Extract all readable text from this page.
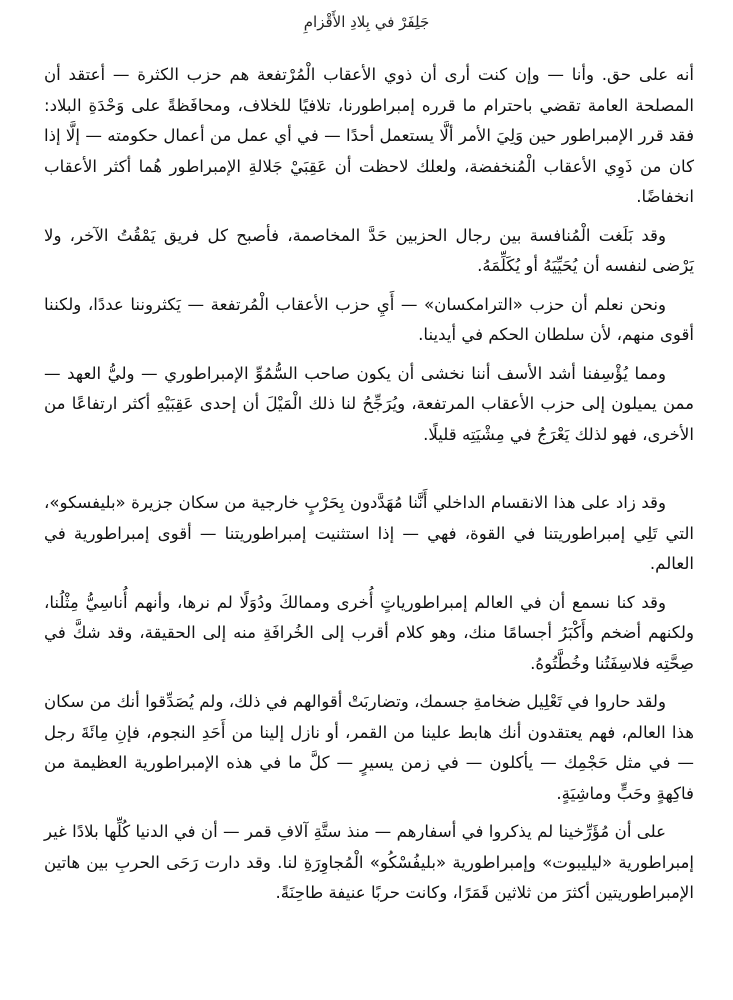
جَلِفَرْ في بِلادِ الأَقْزامِ

أنه على حق. وأنا — وإن كنت أرى أن ذوي الأعقاب الْمُرْتفعة هم حزب الكثرة — أعتقد أن المصلحة العامة تقضي باحترام ما قرره إمبراطورنا، تلافيًا للخلاف، ومحافَظةً على وَحْدَةِ البلاد: فقد قرر الإمبراطور حين وَلِيَ الأمر ألَّا يستعمل أحدًا — في أي عمل من أعمال حكومته — إلَّا إذا كان من ذَوِي الأعقاب الْمُنخفضة، ولعلك لاحظت أن عَقِبَيْ جَلالةِ الإمبراطور هُما أكثر الأعقاب انخفاضًا.

وقد بَلَغت الْمُنافسة بين رجال الحزبين حَدَّ المخاصمة، فأصبح كل فريق يَمْقُتُ الآخر، ولا يَرْضى لنفسه أن يُحَيِّيَهُ أو يُكَلِّمَهُ.

ونحن نعلم أن حزب «الترامكسان» — أَيِ حزب الأعقاب الْمُرتفعة — يَكثروننا عددًا، ولكننا أقوى منهم، لأن سلطان الحكم في أيدينا.

ومما يُؤْسِفنا أشد الأسف أننا نخشى أن يكون صاحب السُّمُوِّ الإمبراطوري — وليُّ العهد — ممن يميلون إلى حزب الأعقاب المرتفعة، ويُرَجِّحُ لنا ذلك الْمَيْلَ أن إحدى عَقِبَيْهِ أكثر ارتفاعًا من الأخرى، فهو لذلك يَعْرَجُ في مِشْيَتِه قليلًا.

وقد زاد على هذا الانقسام الداخلي أَنَّنا مُهَدَّدون بِحَرْبٍ خارجية من سكان جزيرة «بليفسكو»، التي تَلِي إمبراطوريتنا في القوة، فهي — إذا استثنيت إمبراطوريتنا — أقوى إمبراطورية في العالم.

وقد كنا نسمع أن في العالم إمبراطورياتٍ أُخرى وممالكَ ودُوَلًا لم نرها، وأنهم أُناسِيُّ مِثْلُنا، ولكنهم أضخم وأَكْبَرُ أجسامًا منك، وهو كلام أقرب إلى الخُرافَةِ منه إلى الحقيقة، وقد شكَّ في صِحَّتِه فلاسِفَتُنا وخُطَّتُوهُ.

ولقد حاروا في تَعْلِيل ضخامةِ جسمك، وتضاربَتْ أقوالهم في ذلك، ولم يُصَدِّقوا أنك من سكان هذا العالم، فهم يعتقدون أنك هابط علينا من القمر، أو نازل إلينا من أَحَدِ النجوم، فإنِ مِائَةَ رجل — في مثل حَجْمِك — يأكلون — في زمن يسيرٍ — كلَّ ما في هذه الإمبراطورية العظيمة من فاكِهةٍ وحَبٍّ وماشِيَةٍ.

على أن مُؤَرِّخينا لم يذكروا في أسفارهم — منذ ستَّةِ آلافِ قمر — أن في الدنيا كُلِّها بلادًا غير إمبراطورية «ليليبوت» وإمبراطورية «بليفُسْكُو» الْمُجاوِرَةِ لنا. وقد دارت رَحَى الحربِ بين هاتين الإمبراطوريتين أكثرَ من ثلاثين قَمَرًا، وكانت حربًا عنيفة طاحِنَةً.
